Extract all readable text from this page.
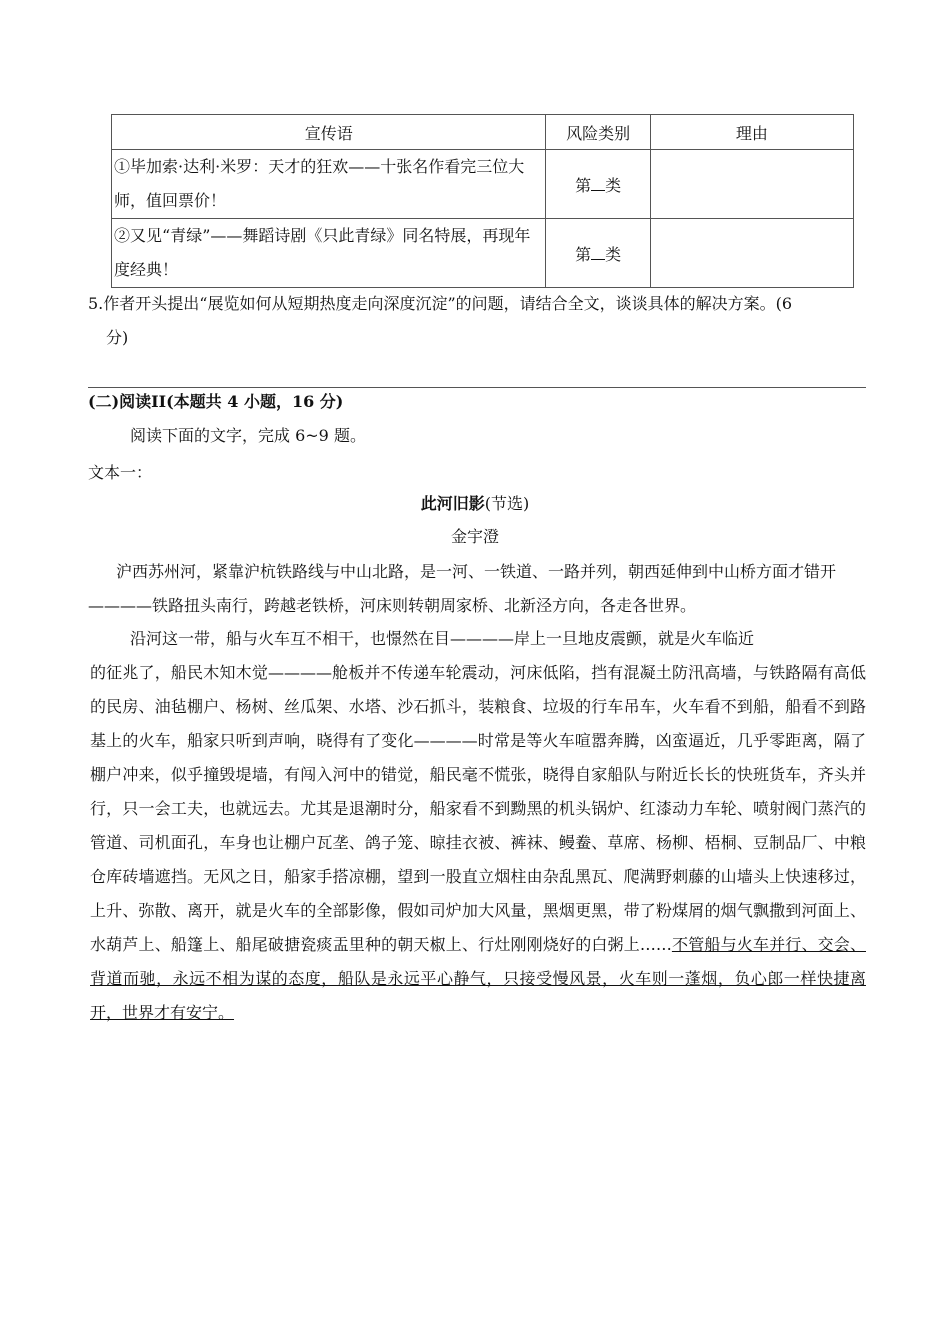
宣传语	风险类别	理由
①毕加索·达利·米罗：天才的狂欢——十张名作看完三位大师，值回票价！	第 类	
②又见“青绿”——舞蹈诗剧《只此青绿》同名特展，再现年度经典！	第 类	
5.作者开头提出“展览如何从短期热度走向深度沉淀”的问题，请结合全文，谈谈具体的解决方案。(6
分)
(二)阅读II(本题共 4 小题，16 分)
阅读下面的文字，完成 6~9 题。
文本一：
此河旧影(节选)
金宇澄
沪西苏州河，紧靠沪杭铁路线与中山北路，是一河、一铁道、一路并列，朝西延伸到中山桥方面才错开————铁路扭头南行，跨越老铁桥，河床则转朝周家桥、北新泾方向，各走各世界。
沿河这一带，船与火车互不相干，也憬然在目————岸上一旦地皮震颤，就是火车临近
的征兆了，船民木知木觉————舱板并不传递车轮震动，河床低陷，挡有混凝土防汛高墙，与铁路隔有高低的民房、油毡棚户、杨树、丝瓜架、水塔、沙石抓斗，装粮食、垃圾的行车吊车，火车看不到船，船看不到路基上的火车，船家只听到声响，晓得有了变化————时常是等火车喧嚣奔腾，凶蛮逼近，几乎零距离，隔了棚户冲来，似乎撞毁堤墙，有闯入河中的错觉，船民毫不慌张，晓得自家船队与附近长长的快班货车，齐头并行，只一会工夫，也就远去。尤其是退潮时分，船家看不到黝黑的机头锅炉、红漆动力车轮、喷射阀门蒸汽的管道、司机面孔，车身也让棚户瓦垄、鸽子笼、晾挂衣被、裤袜、鳗鲞、草席、杨柳、梧桐、豆制品厂、中粮仓库砖墙遮挡。无风之日，船家手搭凉棚，望到一股直立烟柱由杂乱黑瓦、爬满野刺藤的山墙头上快速移过，上升、弥散、离开，就是火车的全部影像，假如司炉加大风量，黑烟更黑，带了粉煤屑的烟气飘撒到河面上、水葫芦上、船篷上、船尾破搪瓷痰盂里种的朝天椒上、行灶刚刚烧好的白粥上……不管船与火车并行、交会、背道而驰，永远不相为谋的态度，船队是永远平心静气，只接受慢风景，火车则一蓬烟，负心郎一样快捷离开，世界才有安宁。
